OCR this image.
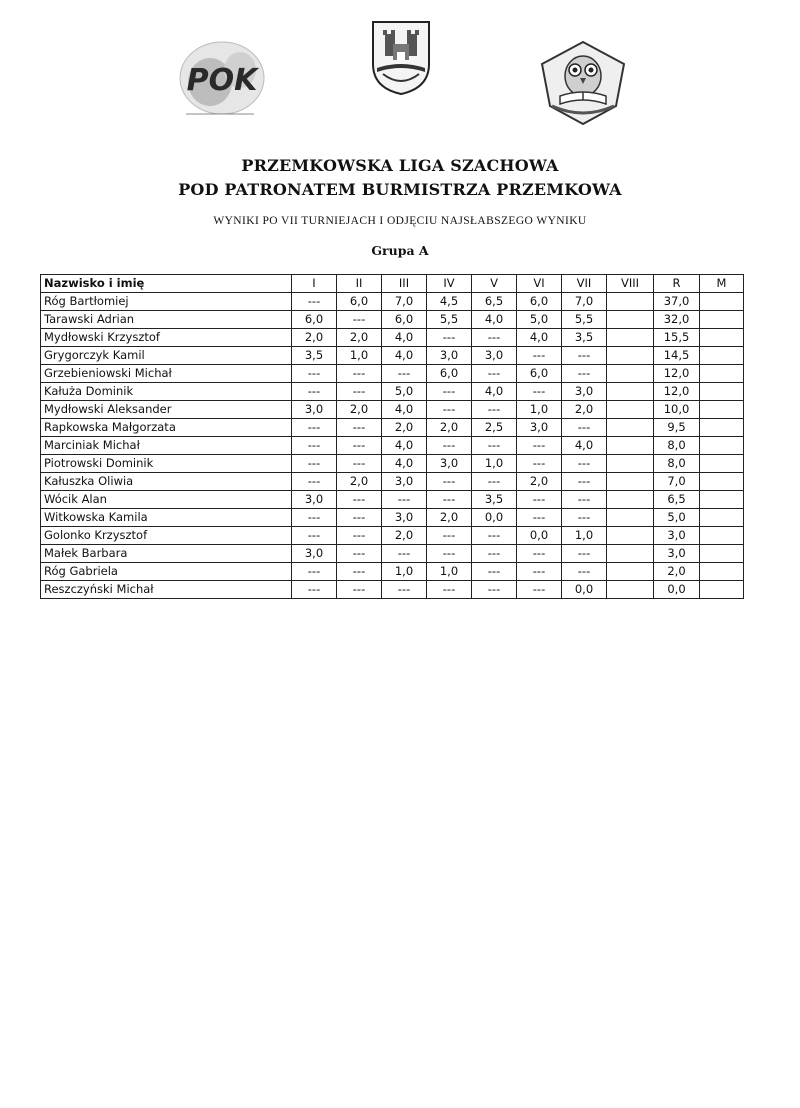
POK
PRZEMKOWSKA LIGA SZACHOWA
POD PATRONATEM BURMISTRZA PRZEMKOWA
WYNIKI PO VII TURNIEJACH I ODJĘCIU NAJSŁABSZEGO WYNIKU
Grupa A
Nazwisko i imię	I	II	III	IV	V	VI	VII	VIII	R	M
Róg Bartłomiej	---	6,0	7,0	4,5	6,5	6,0	7,0		37,0	
Tarawski Adrian	6,0	---	6,0	5,5	4,0	5,0	5,5		32,0	
Mydłowski Krzysztof	2,0	2,0	4,0	---	---	4,0	3,5		15,5	
Grygorczyk Kamil	3,5	1,0	4,0	3,0	3,0	---	---		14,5	
Grzebieniowski Michał	---	---	---	6,0	---	6,0	---		12,0	
Kałuża Dominik	---	---	5,0	---	4,0	---	3,0		12,0	
Mydłowski Aleksander	3,0	2,0	4,0	---	---	1,0	2,0		10,0	
Rapkowska Małgorzata	---	---	2,0	2,0	2,5	3,0	---		9,5	
Marciniak Michał	---	---	4,0	---	---	---	4,0		8,0	
Piotrowski Dominik	---	---	4,0	3,0	1,0	---	---		8,0	
Kałuszka Oliwia	---	2,0	3,0	---	---	2,0	---		7,0	
Wócik Alan	3,0	---	---	---	3,5	---	---		6,5	
Witkowska Kamila	---	---	3,0	2,0	0,0	---	---		5,0	
Golonko Krzysztof	---	---	2,0	---	---	0,0	1,0		3,0	
Małek Barbara	3,0	---	---	---	---	---	---		3,0	
Róg Gabriela	---	---	1,0	1,0	---	---	---		2,0	
Reszczyński Michał	---	---	---	---	---	---	0,0		0,0	
